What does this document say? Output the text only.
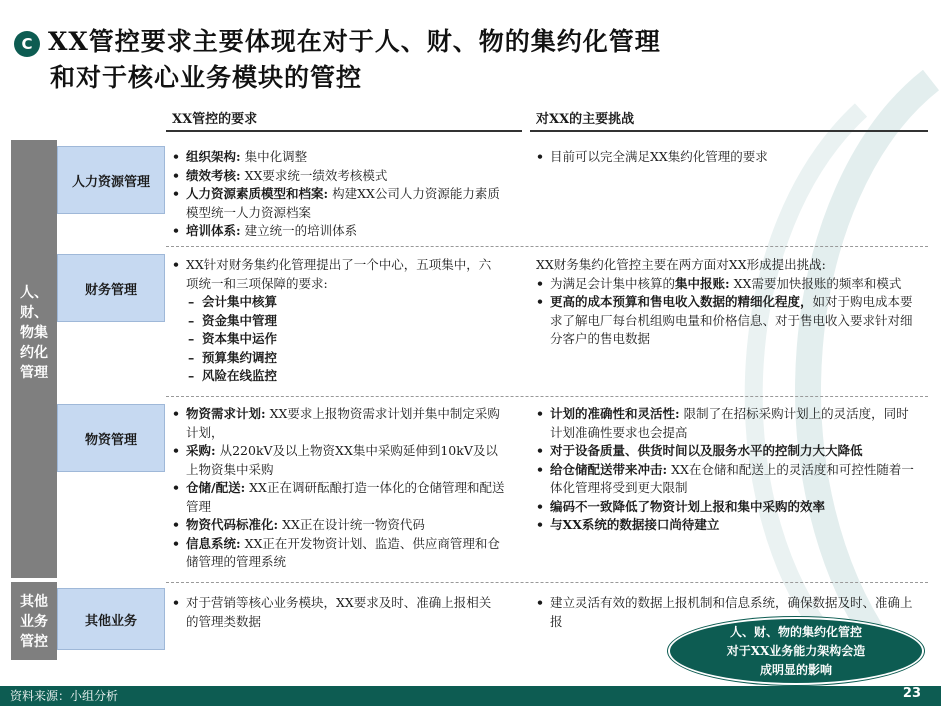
C XX管控要求主要体现在对于人、财、物的集约化管理
和对于核心业务模块的管控
XX管控的要求	对XX的主要挑战
人、财、物集约化管理
其他业务管控
人力资源管理
财务管理
物资管理
其他业务
• 组织架构: 集中化调整
• 绩效考核: XX要求统一绩效考核模式
• 人力资源素质模型和档案: 构建XX公司人力资源能力素质模型统一人力资源档案
• 培训体系: 建立统一的培训体系
• 目前可以完全满足XX集约化管理的要求
• XX针对财务集约化管理提出了一个中心，五项集中，六项统一和三项保障的要求:
– 会计集中核算
– 资金集中管理
– 资本集中运作
– 预算集约调控
– 风险在线监控
XX财务集约化管控主要在两方面对XX形成提出挑战:
• 为满足会计集中核算的集中报账: XX需要加快报账的频率和模式
• 更高的成本预算和售电收入数据的精细化程度，如对于购电成本要求了解电厂每台机组购电量和价格信息、对于售电收入要求针对细分客户的售电数据
• 物资需求计划: XX要求上报物资需求计划并集中制定采购计划，
• 采购: 从220kV及以上物资XX集中采购延伸到10kV及以上物资集中采购
• 仓储/配送: XX正在调研酝酿打造一体化的仓储管理和配送管理
• 物资代码标准化: XX正在设计统一物资代码
• 信息系统: XX正在开发物资计划、监造、供应商管理和仓储管理的管理系统
• 计划的准确性和灵活性: 限制了在招标采购计划上的灵活度，同时计划准确性要求也会提高
• 对于设备质量、供货时间以及服务水平的控制力大大降低
• 给仓储配送带来冲击: XX在仓储和配送上的灵活度和可控性随着一体化管理将受到更大限制
• 编码不一致降低了物资计划上报和集中采购的效率
• 与XX系统的数据接口尚待建立
• 对于营销等核心业务模块，XX要求及时、准确上报相关的管理类数据
• 建立灵活有效的数据上报机制和信息系统，确保数据及时、准确上报
人、财、物的集约化管控
对于XX业务能力架构会造
成明显的影响
资料来源：小组分析	23
